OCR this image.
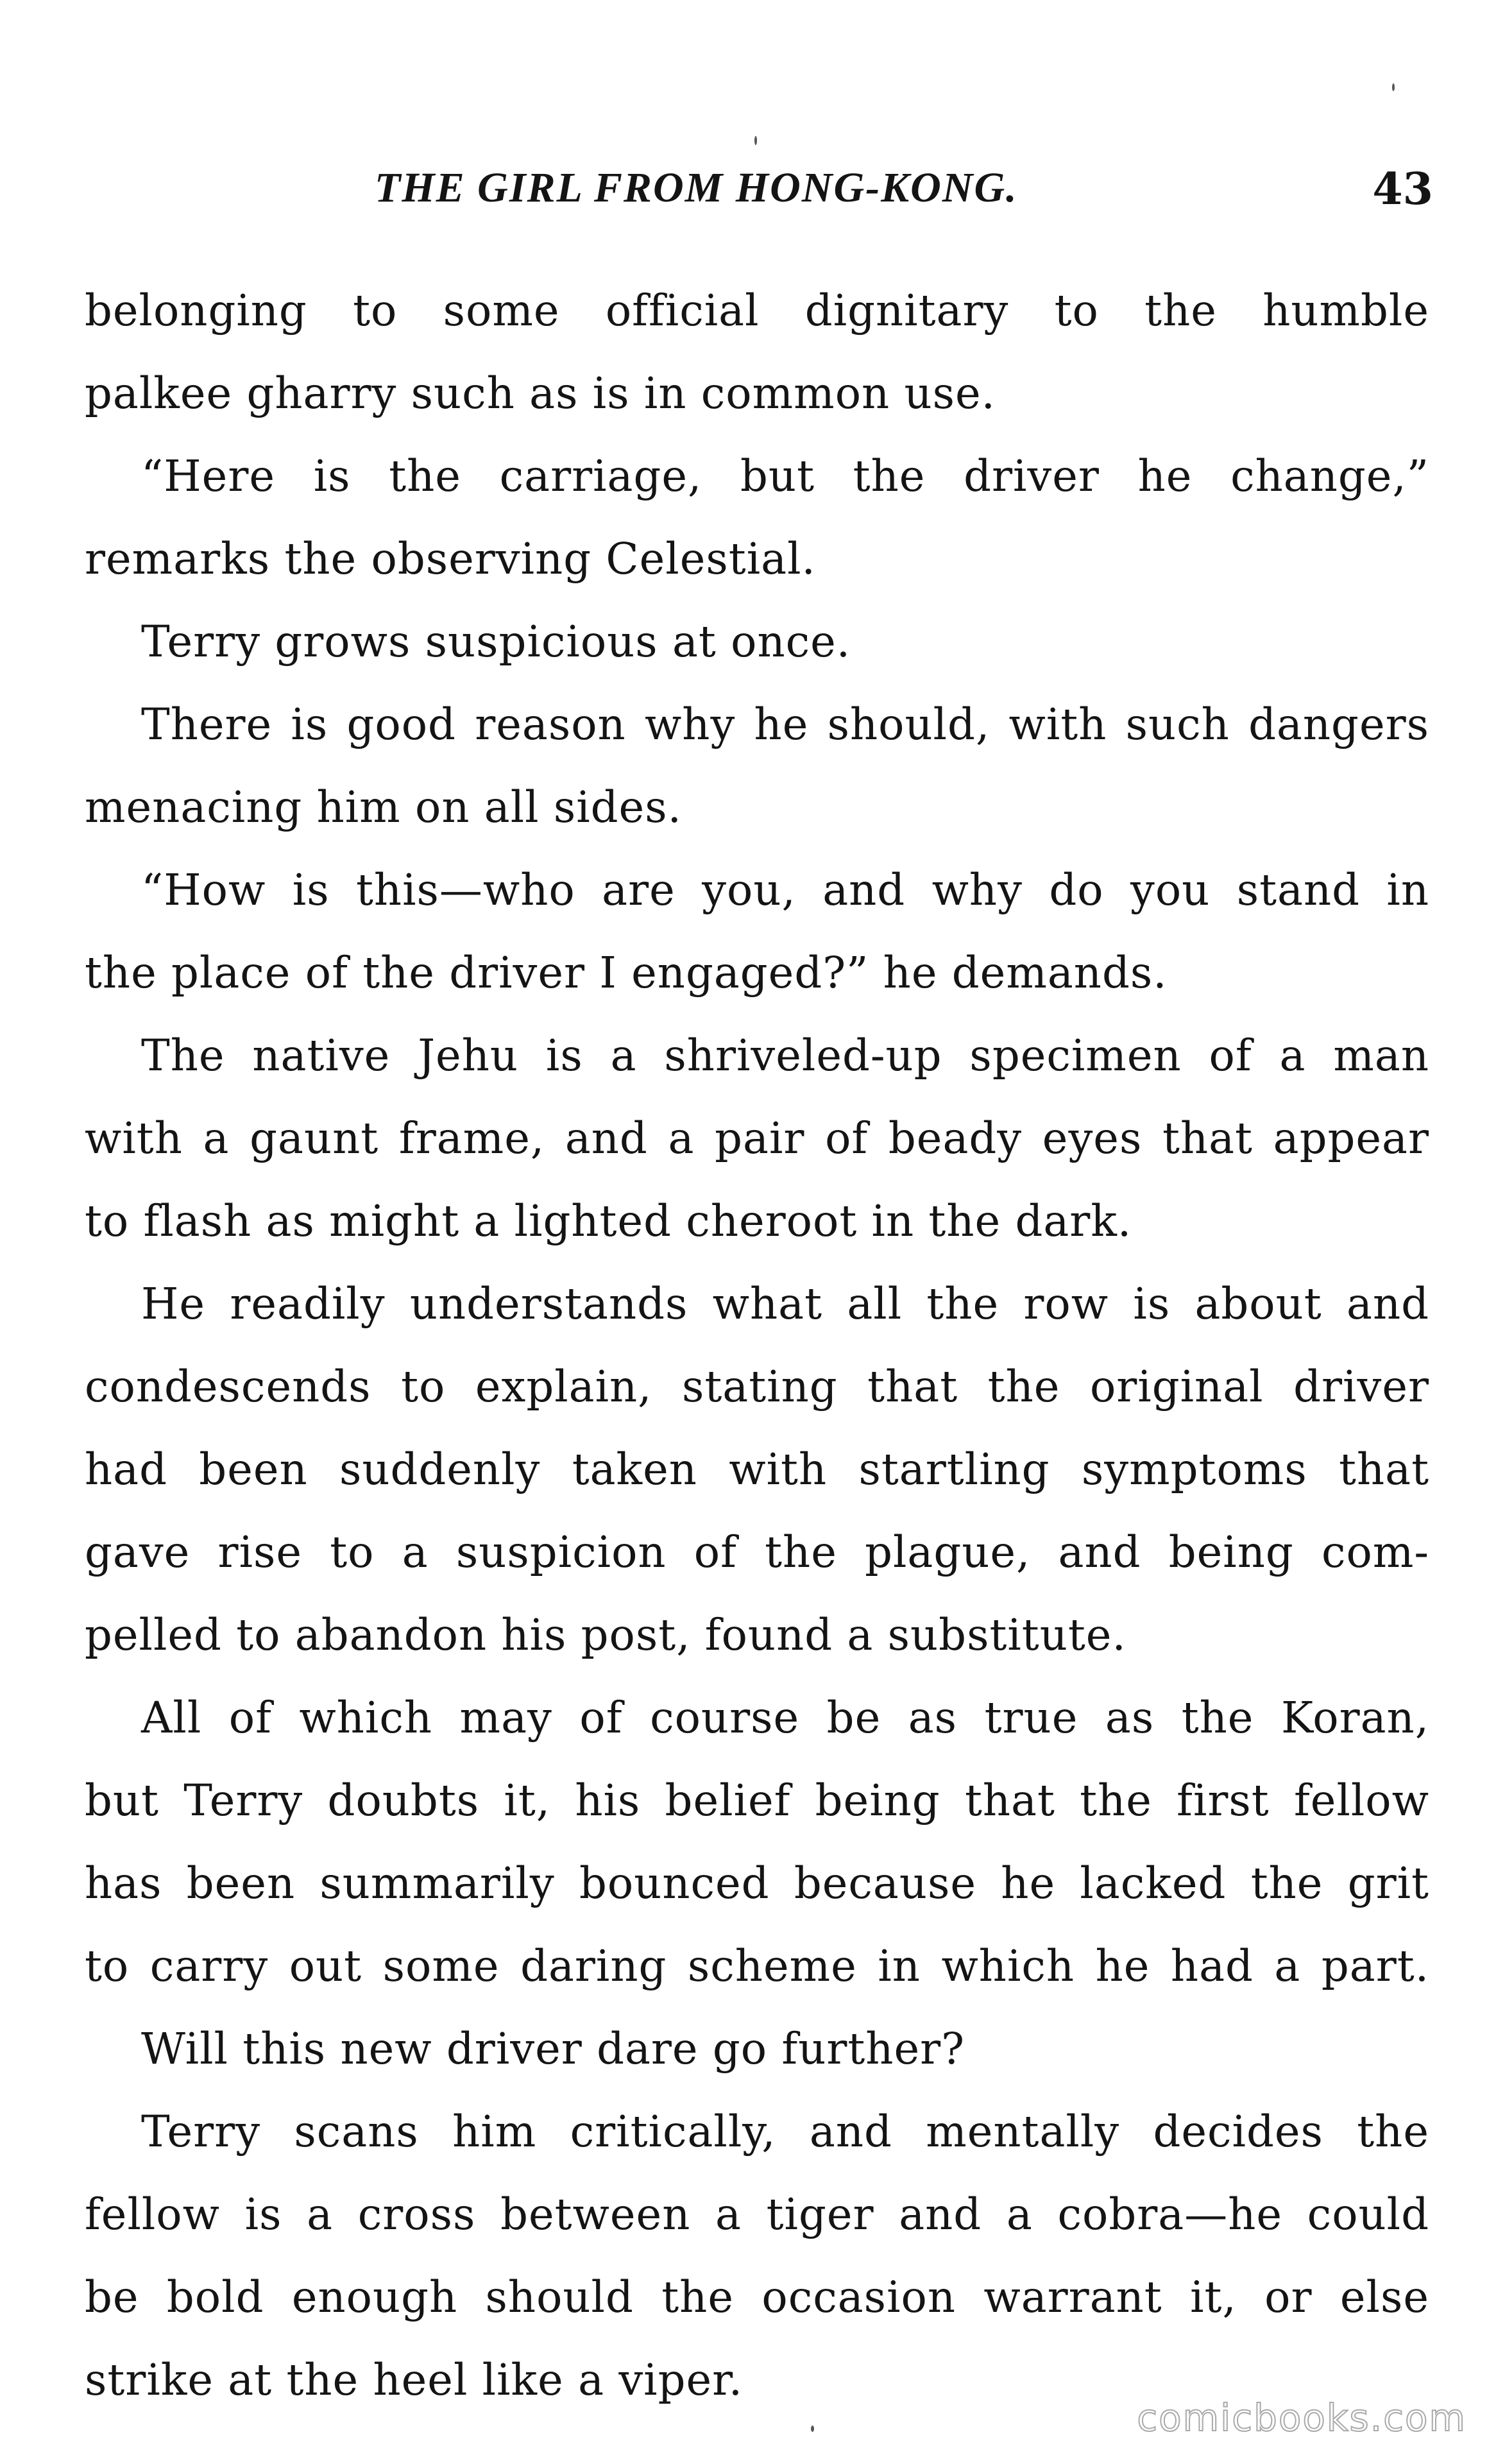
THE GIRL FROM HONG-KONG.	43
belonging to some official dignitary to the humble
palkee gharry such as is in common use.
“Here is the carriage, but the driver he change,”
remarks the observing Celestial.
Terry grows suspicious at once.
There is good reason why he should, with such dangers
menacing him on all sides.
“How is this—who are you, and why do you stand in
the place of the driver I engaged?” he demands.
The native Jehu is a shriveled-up specimen of a man
with a gaunt frame, and a pair of beady eyes that appear
to flash as might a lighted cheroot in the dark.
He readily understands what all the row is about and
condescends to explain, stating that the original driver
had been suddenly taken with startling symptoms that
gave rise to a suspicion of the plague, and being com-
pelled to abandon his post, found a substitute.
All of which may of course be as true as the Koran,
but Terry doubts it, his belief being that the first fellow
has been summarily bounced because he lacked the grit
to carry out some daring scheme in which he had a part.
Will this new driver dare go further?
Terry scans him critically, and mentally decides the
fellow is a cross between a tiger and a cobra—he could
be bold enough should the occasion warrant it, or else
strike at the heel like a viper.
comicbooks.com
